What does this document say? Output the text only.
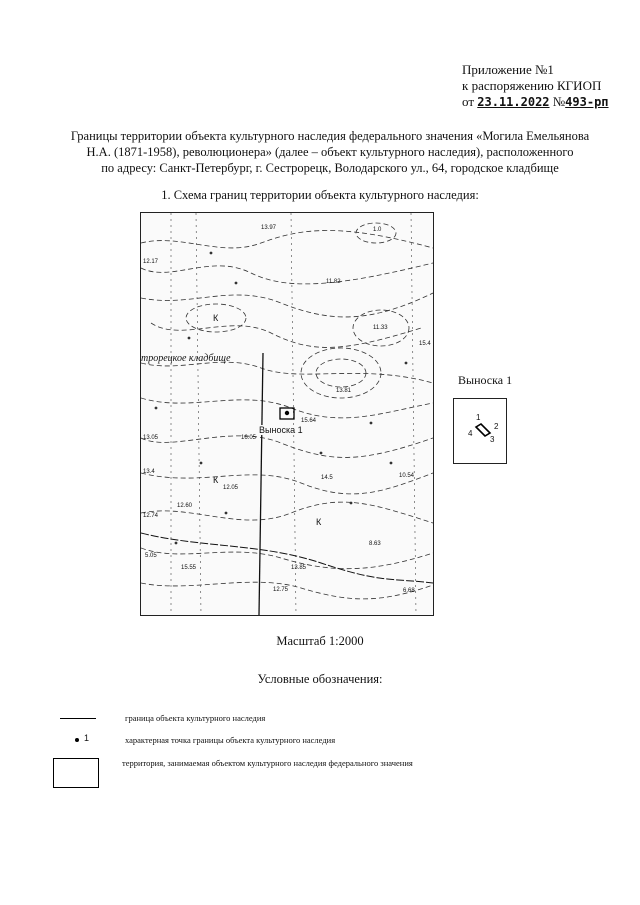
Приложение №1
к распоряжению КГИОП
от 23.11.2022 №493-рп
Границы территории объекта культурного наследия федерального значения «Могила Емельянова
Н.А. (1871-1958), революционера» (далее – объект культурного наследия), расположенного
по адресу: Санкт-Петербург, г. Сестрорецк, Володарского ул., 64, городское кладбище
1. Схема границ территории объекта культурного наследия:
троpецкое кладбище
Выноска 1
13.97
12.17
13.05
11.82
11.33
15.4
13.81
15.64
16.05
13.4
14.5
12.60
12.05
12.74
8.63
10.54
15.55	13.85
12.75	6.68
5.05
1.0
К
К
К
Выноска 1
1
2
3
4
Масштаб 1:2000
Условные обозначения:
граница объекта культурного наследия
1	характерная точка границы объекта культурного наследия
территория, занимаемая объектом культурного наследия федерального значения
